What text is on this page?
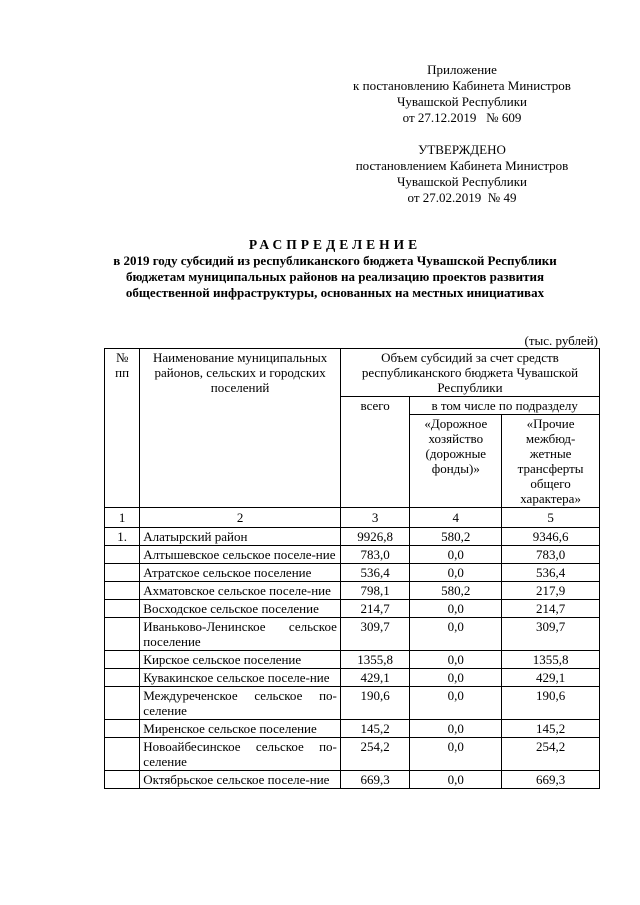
Приложение
к постановлению Кабинета Министров
Чувашской Республики
от 27.12.2019   № 609
УТВЕРЖДЕНО
постановлением Кабинета Министров
Чувашской Республики
от 27.02.2019  № 49
РАСПРЕДЕЛЕНИЕ
в 2019 году субсидий из республиканского бюджета Чувашской Республики
бюджетам муниципальных районов на реализацию проектов развития
общественной инфраструктуры, основанных на местных инициативах
(тыс. рублей)
№ пп	Наименование муниципальных районов, сельских и городских поселений	Объем субсидий за счет средств республиканского бюджета Чувашской Республики		
		всего	в том числе по подразделу	
			«Дорожное хозяйство (дорожные фонды)»	«Прочие межбюд-жетные трансферты общего характера»
1	2	3	4	5
1.	Алатырский район	9926,8	580,2	9346,6
	Алтышевское сельское поселе-ние	783,0	0,0	783,0
	Атратское сельское поселение	536,4	0,0	536,4
	Ахматовское сельское поселе-ние	798,1	580,2	217,9
	Восходское сельское поселение	214,7	0,0	214,7
	Иваньково-Ленинское сельское поселение	309,7	0,0	309,7
	Кирское сельское поселение	1355,8	0,0	1355,8
	Кувакинское сельское поселе-ние	429,1	0,0	429,1
	Междуреченское сельское по-селение	190,6	0,0	190,6
	Миренское сельское поселение	145,2	0,0	145,2
	Новоайбесинское сельское по-селение	254,2	0,0	254,2
	Октябрьское сельское поселе-ние	669,3	0,0	669,3
